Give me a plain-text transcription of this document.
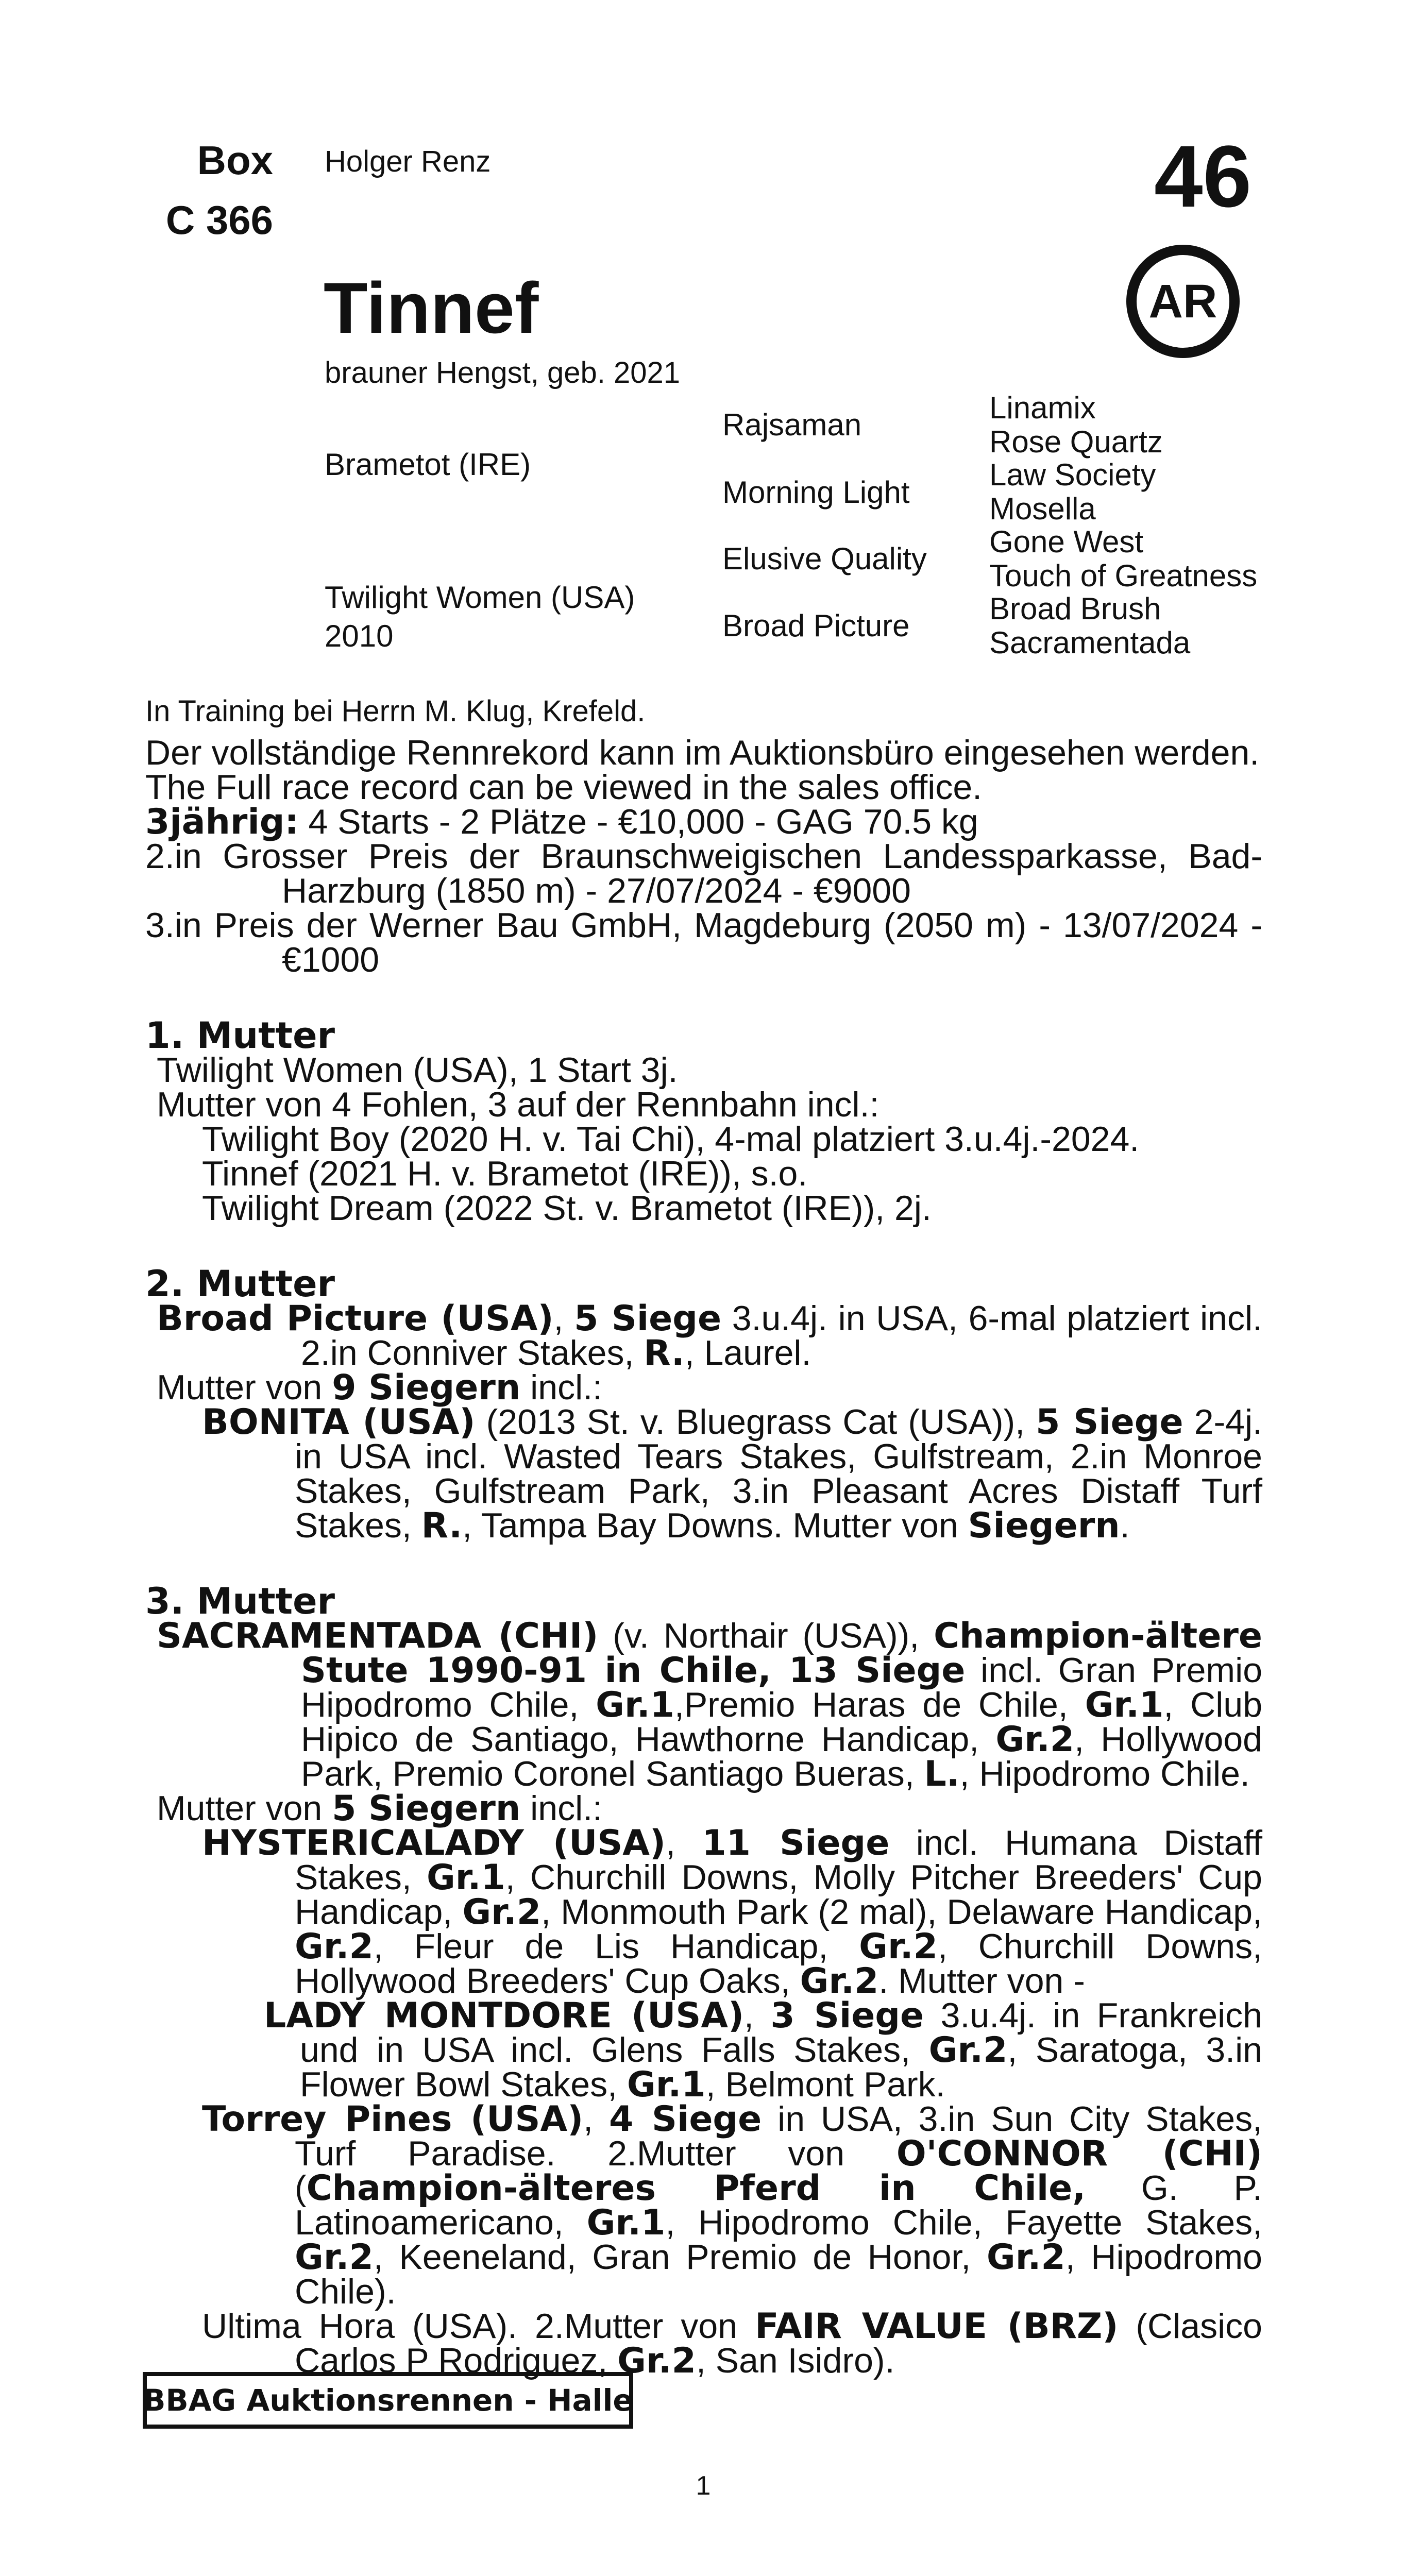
Box
C 366
Holger Renz	46
AR
Tinnef
brauner Hengst, geb. 2021
Brametot (IRE)
Twilight Women (USA)
2010
Rajsaman
Morning Light
Elusive Quality
Broad Picture
Linamix
Rose Quartz
Law Society
Mosella
Gone West
Touch of Greatness
Broad Brush
Sacramentada
In Training bei Herrn M. Klug, Krefeld.

Der vollständige Rennrekord kann im Auktionsbüro eingesehen werden.

The Full race record can be viewed in the sales office.

3jährig: 4 Starts - 2 Plätze - €10,000 - GAG 70.5 kg

2.in Grosser Preis der Braunschweigischen Landessparkasse, Bad-

Harzburg (1850 m) - 27/07/2024 - €9000

3.in Preis der Werner Bau GmbH, Magdeburg (2050 m) - 13/07/2024 -

€1000

1. Mutter

Twilight Women (USA), 1 Start 3j.

Mutter von 4 Fohlen, 3 auf der Rennbahn incl.:

Twilight Boy (2020 H. v. Tai Chi), 4-mal platziert 3.u.4j.-2024.

Tinnef (2021 H. v. Brametot (IRE)), s.o.

Twilight Dream (2022 St. v. Brametot (IRE)), 2j.

2. Mutter

Broad Picture (USA), 5 Siege 3.u.4j. in USA, 6-mal platziert incl. 2.in Conniver Stakes, R., Laurel.

Mutter von 9 Siegern incl.:

BONITA (USA) (2013 St. v. Bluegrass Cat (USA)), 5 Siege 2-4j. in USA incl. Wasted Tears Stakes, Gulfstream, 2.in Monroe Stakes, Gulfstream Park, 3.in Pleasant Acres Distaff Turf Stakes, R., Tampa Bay Downs. Mutter von Siegern.

3. Mutter

SACRAMENTADA (CHI) (v. Northair (USA)), Champion-ältere Stute 1990-91 in Chile, 13 Siege incl. Gran Premio Hipodromo Chile, Gr.1,Premio Haras de Chile, Gr.1, Club Hipico de Santiago, Hawthorne Handicap, Gr.2, Hollywood Park, Premio Coronel Santiago Bueras, L., Hipodromo Chile.

Mutter von 5 Siegern incl.:

HYSTERICALADY (USA), 11 Siege incl. Humana Distaff Stakes, Gr.1, Churchill Downs, Molly Pitcher Breeders' Cup Handicap, Gr.2, Monmouth Park (2 mal), Delaware Handicap, Gr.2, Fleur de Lis Handicap, Gr.2, Churchill Downs, Hollywood Breeders' Cup Oaks, Gr.2. Mutter von -

LADY MONTDORE (USA), 3 Siege 3.u.4j. in Frankreich und in USA incl. Glens Falls Stakes, Gr.2, Saratoga, 3.in Flower Bowl Stakes, Gr.1, Belmont Park.

Torrey Pines (USA), 4 Siege in USA, 3.in Sun City Stakes, Turf Paradise. 2.Mutter von O'CONNOR (CHI) (Champion-älteres Pferd in Chile, G. P. Latinoamericano, Gr.1, Hipodromo Chile, Fayette Stakes, Gr.2, Keeneland, Gran Premio de Honor, Gr.2, Hipodromo Chile).

Ultima Hora (USA). 2.Mutter von FAIR VALUE (BRZ) (Clasico Carlos P Rodriguez, Gr.2, San Isidro).

BBAG Auktionsrennen - Halle
1
